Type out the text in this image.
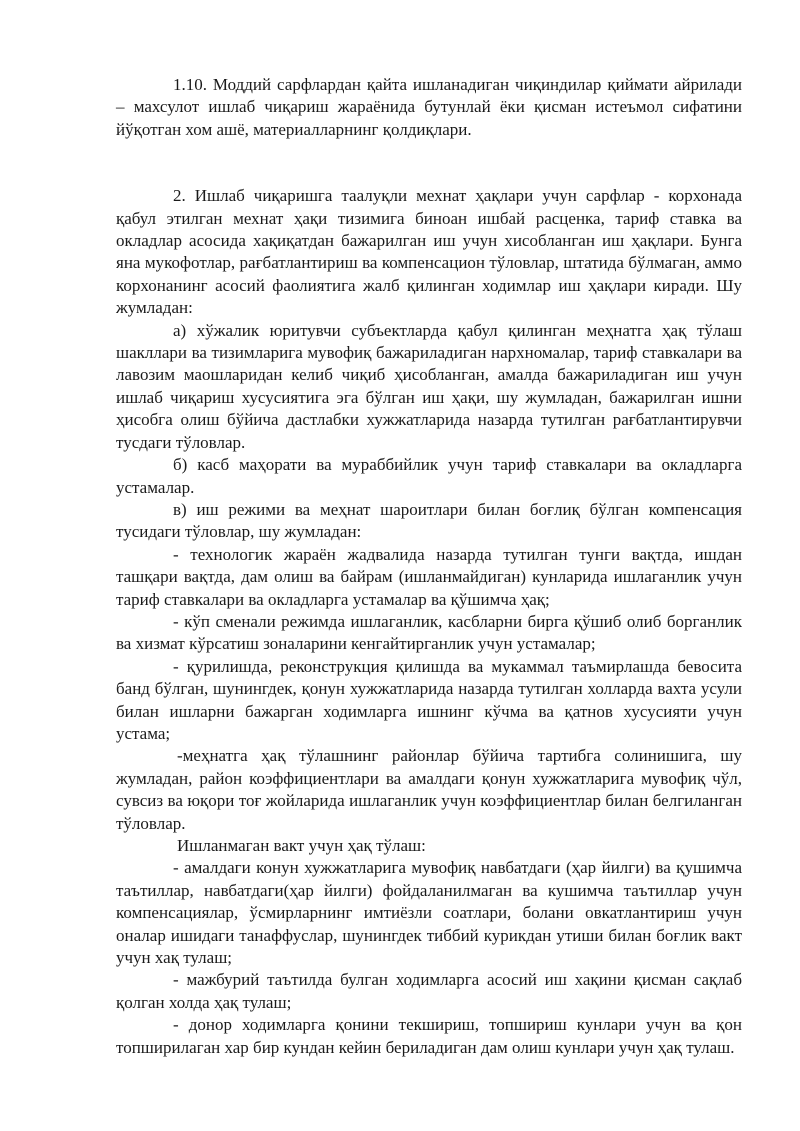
1.10. Моддий сарфлардан қайта ишланадиган чиқиндилар қиймати айрилади – махсулот ишлаб чиқариш жараёнида бутунлай ёки қисман истеъмол сифатини йўқотган хом ашё, материалларнинг қолдиқлари.

2. Ишлаб чиқаришга таалуқли мехнат ҳақлари учун сарфлар - корхонада қабул этилган мехнат ҳақи тизимига биноан ишбай расценка, тариф ставка ва окладлар асосида хақиқатдан бажарилган иш учун хисобланган иш ҳақлари. Бунга яна мукофотлар, рағбатлантириш ва компенсацион тўловлар, штатида бўлмаган, аммо корхонанинг асосий фаолиятига жалб қилинган ходимлар иш ҳақлари киради. Шу жумладан:

а) хўжалик юритувчи субъектларда қабул қилинган меҳнатга ҳақ тўлаш шакллари ва тизимларига мувофиқ бажариладиган нархномалар, тариф ставкалари ва лавозим маошларидан келиб чиқиб ҳисобланган, амалда бажариладиган иш учун ишлаб чиқариш хусусиятига эга бўлган иш ҳақи, шу жумладан, бажарилган ишни ҳисобга олиш бўйича дастлабки хужжатларида назарда тутилган рағбатлантирувчи тусдаги тўловлар.

б) касб маҳорати ва мураббийлик учун тариф ставкалари ва окладларга устамалар.

в) иш режими ва меҳнат шароитлари билан боғлиқ бўлган компенсация тусидаги тўловлар, шу жумладан:

- технологик жараён жадвалида назарда тутилган тунги вақтда, ишдан ташқари вақтда, дам олиш ва байрам (ишланмайдиган) кунларида ишлаганлик учун тариф ставкалари ва окладларга устамалар ва қўшимча ҳақ;

- кўп сменали режимда ишлаганлик, касбларни бирга қўшиб олиб борганлик ва хизмат кўрсатиш зоналарини кенгайтирганлик учун устамалар;

- қурилишда, реконструкция қилишда ва мукаммал таъмирлашда бевосита банд бўлган, шунингдек, қонун хужжатларида назарда тутилган холларда вахта усули билан ишларни бажарган ходимларга ишнинг кўчма ва қатнов хусусияти учун устама;

-меҳнатга ҳақ тўлашнинг районлар бўйича тартибга солинишига, шу жумладан, район коэффициентлари ва амалдаги қонун хужжатларига мувофиқ чўл, сувсиз ва юқори тоғ жойларида ишлаганлик учун коэффициентлар билан белгиланган тўловлар.

Ишланмаган вакт учун ҳақ тўлаш:

- амалдаги конун хужжатларига мувофиқ навбатдаги (ҳар йилги) ва қушимча таътиллар, навбатдаги(ҳар йилги) фойдаланилмаган ва кушимча таътиллар учун компенсациялар, ўсмирларнинг имтиёзли соатлари, болани овкатлантириш учун оналар ишидаги танаффуслар, шунингдек тиббий курикдан утиши билан боғлик вакт учун хақ тулаш;

- мажбурий таътилда булган ходимларга асосий иш хақини қисман сақлаб қолган холда ҳақ тулаш;

- донор ходимларга қонини текшириш, топшириш кунлари учун ва қон топширилаган хар бир кундан кейин бериладиган дам олиш кунлари учун ҳақ тулаш.
